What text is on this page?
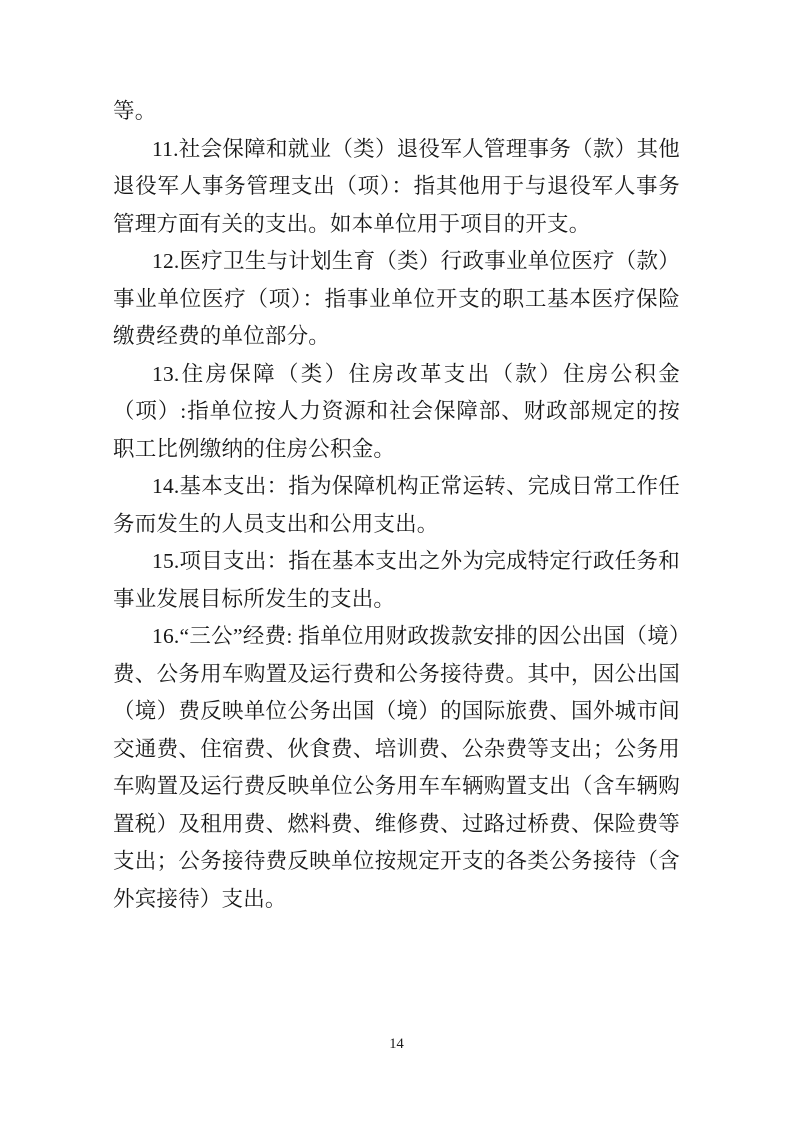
等。

11.社会保障和就业（类）退役军人管理事务（款）其他退役军人事务管理支出（项）：指其他用于与退役军人事务管理方面有关的支出。如本单位用于项目的开支。

12.医疗卫生与计划生育（类）行政事业单位医疗（款）事业单位医疗（项）：指事业单位开支的职工基本医疗保险缴费经费的单位部分。

13.住房保障（类）住房改革支出（款）住房公积金（项）:指单位按人力资源和社会保障部、财政部规定的按职工比例缴纳的住房公积金。

14.基本支出：指为保障机构正常运转、完成日常工作任务而发生的人员支出和公用支出。

15.项目支出：指在基本支出之外为完成特定行政任务和事业发展目标所发生的支出。

16.“三公”经费: 指单位用财政拨款安排的因公出国（境）费、公务用车购置及运行费和公务接待费。其中，因公出国（境）费反映单位公务出国（境）的国际旅费、国外城市间交通费、住宿费、伙食费、培训费、公杂费等支出；公务用车购置及运行费反映单位公务用车车辆购置支出（含车辆购置税）及租用费、燃料费、维修费、过路过桥费、保险费等支出；公务接待费反映单位按规定开支的各类公务接待（含外宾接待）支出。

14
